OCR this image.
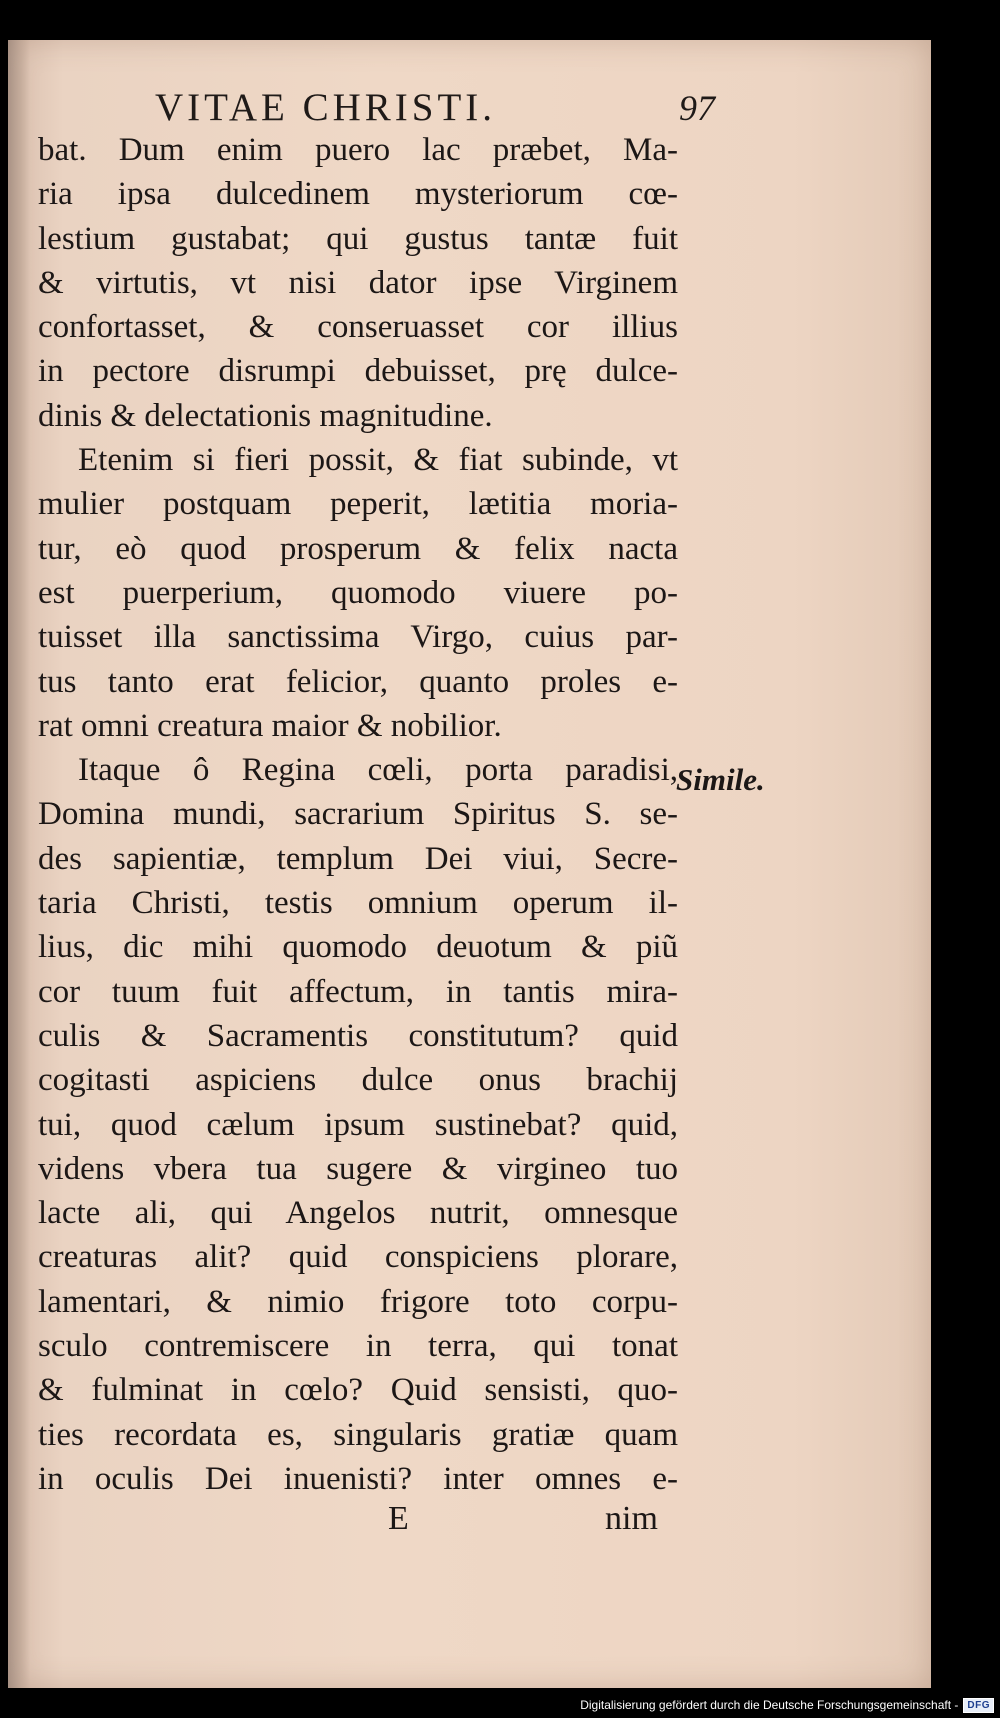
VITAE CHRISTI.	97
bat. Dum enim puero lac præbet, Ma-
ria ipsa dulcedinem mysteriorum cœ-
lestium gustabat; qui gustus tantæ fuit
& virtutis, vt nisi dator ipse Virginem
confortasset, & conseruasset cor illius
in pectore disrumpi debuisset, prę dulce-
dinis & delectationis magnitudine.
Etenim si fieri possit, & fiat subinde, vt
mulier postquam peperit, lætitia moria-
tur, eò quod prosperum & felix nacta
est puerperium, quomodo viuere po-
tuisset illa sanctissima Virgo, cuius par-
tus tanto erat felicior, quanto proles e-
rat omni creatura maior & nobilior.
Itaque ô Regina cœli, porta paradisi,
Domina mundi, sacrarium Spiritus S. se-
des sapientiæ, templum Dei viui, Secre-
taria Christi, testis omnium operum il-
lius, dic mihi quomodo deuotum & piũ
cor tuum fuit affectum, in tantis mira-
culis & Sacramentis constitutum? quid
cogitasti aspiciens dulce onus brachij
tui, quod cælum ipsum sustinebat? quid,
videns vbera tua sugere & virgineo tuo
lacte ali, qui Angelos nutrit, omnesque
creaturas alit? quid conspiciens plorare,
lamentari, & nimio frigore toto corpu-
sculo contremiscere in terra, qui tonat
& fulminat in cœlo? Quid sensisti, quo-
ties recordata es, singularis gratiæ quam
in oculis Dei inuenisti? inter omnes e-
Simile.
E	nim
Digitalisierung gefördert durch die Deutsche Forschungsgemeinschaft - DFG
